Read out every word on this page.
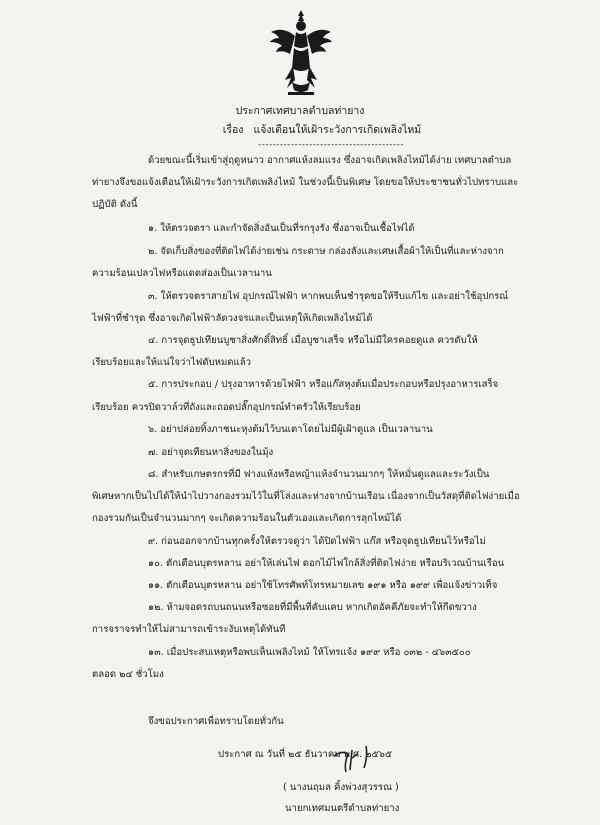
ประกาศเทศบาลตำบลท่ายาง
เรื่อง แจ้งเตือนให้เฝ้าระวังการเกิดเพลิงไหม้
----------------------------------------
ด้วยขณะนี้เริ่มเข้าสู่ฤดูหนาว อากาศแห้งลมแรง ซึ่งอาจเกิดเพลิงไหม้ได้ง่าย เทศบาลตำบล
ท่ายางจึงขอแจ้งเตือนให้เฝ้าระวังการเกิดเพลิงไหม้ ในช่วงนี้เป็นพิเศษ โดยขอให้ประชาชนทั่วไปทราบและ
ปฏิบัติ ดังนี้
๑. ให้ตรวจตรา และกำจัดสิ่งอันเป็นที่รกรุงรัง ซึ่งอาจเป็นเชื้อไฟได้
๒. จัดเก็บสิ่งของที่ติดไฟได้ง่ายเช่น กระดาษ กล่องลังและเศษเสื้อผ้าให้เป็นที่และห่างจาก
ความร้อนเปลวไฟหรือแดดส่องเป็นเวลานาน
๓. ให้ตรวจตราสายไฟ อุปกรณ์ไฟฟ้า หากพบเห็นชำรุดขอให้รีบแก้ไข และอย่าใช้อุปกรณ์
ไฟฟ้าที่ชำรุด ซึ่งอาจเกิดไฟฟ้าลัดวงจรและเป็นเหตุให้เกิดเพลิงไหม้ได้
๔. การจุดธูปเทียนบูชาสิ่งศักดิ์สิทธิ์ เมื่อบูชาเสร็จ หรือไม่มีใครคอยดูแล ควรดับให้
เรียบร้อยและให้แน่ใจว่าไฟดับหมดแล้ว
๕. การประกอบ / ปรุงอาหารด้วยไฟฟ้า หรือแก๊สหุงต้มเมื่อประกอบหรือปรุงอาหารเสร็จ
เรียบร้อย ควรปิดวาล์วที่ถังและถอดปลั๊กอุปกรณ์ทำครัวให้เรียบร้อย
๖. อย่าปล่อยทิ้งภาชนะหุงต้มไว้บนเตาโดยไม่มีผู้เฝ้าดูแล เป็นเวลานาน
๗. อย่าจุดเทียนหาสิ่งของในมุ้ง
๘. สำหรับเกษตรกรที่มี ฟางแห้งหรือหญ้าแห้งจำนวนมากๆ ให้หมั่นดูแลและระวังเป็น
พิเศษหากเป็นไปได้ให้นำไปวางกองรวมไว้ในที่โล่งและห่างจากบ้านเรือน เนื่องจากเป็นวัสดุที่ติดไฟง่ายเมื่อ
กองรวมกันเป็นจำนวนมากๆ จะเกิดความร้อนในตัวเองและเกิดการลุกไหม้ได้
๙. ก่อนออกจากบ้านทุกครั้งให้ตรวจดูว่า ได้ปิดไฟฟ้า แก๊ส หรือจุดธูปเทียนไว้หรือไม่
๑๐. ตักเตือนบุตรหลาน อย่าให้เล่นไฟ ดอกไม้ไฟใกล้สิ่งที่ติดไฟง่าย หรือบริเวณบ้านเรือน
๑๑. ตักเตือนบุตรหลาน อย่าใช้โทรศัพท์โทรหมายเลข ๑๙๑ หรือ ๑๙๙ เพื่อแจ้งข่าวเท็จ
๑๒. ห้ามจอดรถบนถนนหรือซอยที่มีพื้นที่คับแคบ หากเกิดอัคคีภัยจะทำให้กีดขวาง
การจราจรทำให้ไม่สามารถเข้าระงับเหตุได้ทันที
๑๓. เมื่อประสบเหตุหรือพบเห็นเพลิงไหม้ ให้โทรแจ้ง ๑๙๙ หรือ ๐๓๒ - ๔๖๓๕๐๐
ตลอด ๒๔ ชั่วโมง
จึงขอประกาศเพื่อทราบโดยทั่วกัน
ประกาศ ณ วันที่ ๒๕ ธันวาคม พ.ศ. ๒๕๖๕
( นางนฤมล คิ้งพ่วงสุวรรณ )
นายกเทศมนตรีตำบลท่ายาง
